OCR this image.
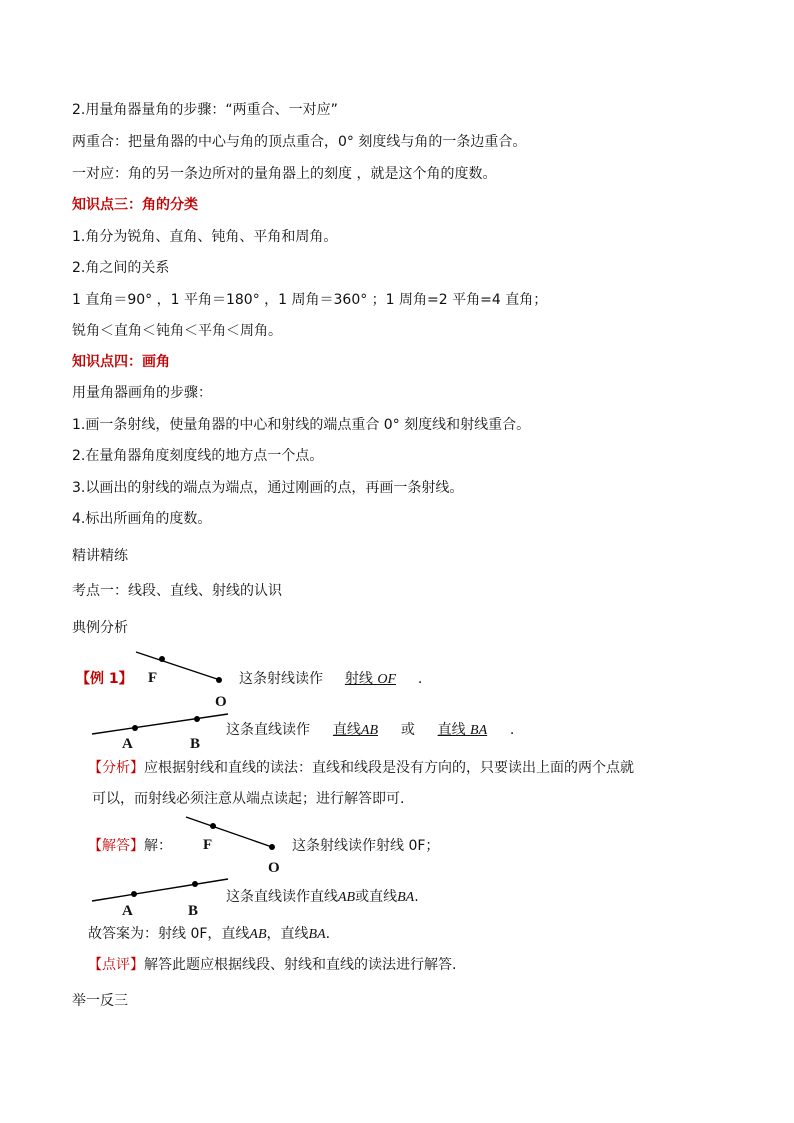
2.用量角器量角的步骤：“两重合、一对应”
两重合：把量角器的中心与角的顶点重合，0° 刻度线与角的一条边重合。
一对应：角的另一条边所对的量角器上的刻度 ，就是这个角的度数。
知识点三：角的分类
1.角分为锐角、直角、钝角、平角和周角。
2.角之间的关系
1 直角＝90° ，1 平角＝180° ，1 周角＝360° ；1 周角=2 平角=4 直角；
锐角＜直角＜钝角＜平角＜周角。
知识点四：画角
用量角器画角的步骤：
1.画一条射线，使量角器的中心和射线的端点重合 0° 刻度线和射线重合。
2.在量角器角度刻度线的地方点一个点。
3.以画出的射线的端点为端点，通过刚画的点，再画一条射线。
4.标出所画角的度数。
精讲精练
考点一：线段、直线、射线的认识
典例分析
【例 1】 F
O
这条射线读作 射线 OF .
A	B
这条直线读作 直线AB 或 直线 BA .
【分析】应根据射线和直线的读法：直线和线段是没有方向的，只要读出上面的两个点就
可以，而射线必须注意从端点读起；进行解答即可.
【解答】解： F
O
这条射线读作射线 0F；
A	B
这条直线读作直线AB或直线BA.
故答案为：射线 0F，直线AB，直线BA.
【点评】解答此题应根据线段、射线和直线的读法进行解答.
举一反三
